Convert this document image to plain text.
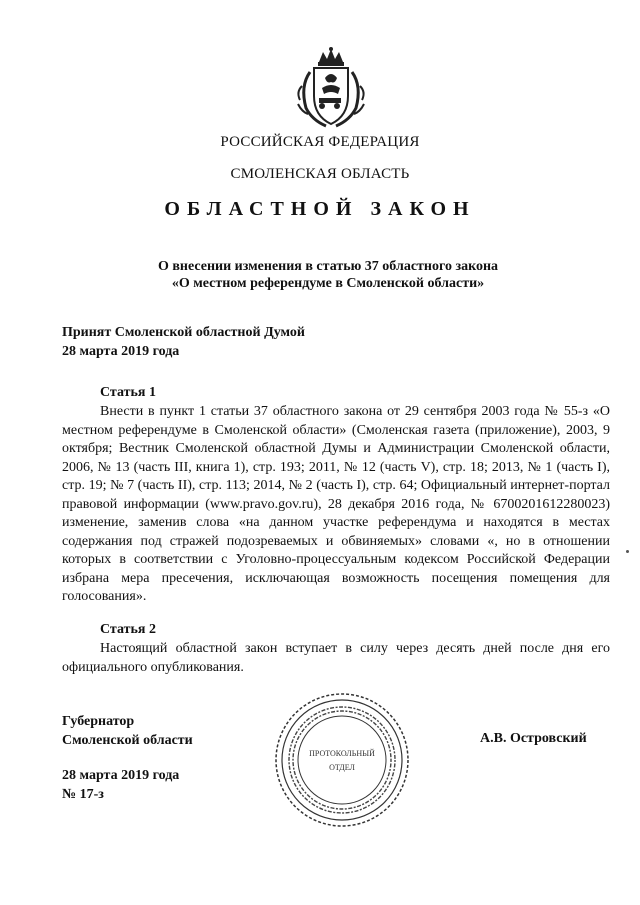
РОССИЙСКАЯ ФЕДЕРАЦИЯ
СМОЛЕНСКАЯ ОБЛАСТЬ
ОБЛАСТНОЙ ЗАКОН
О внесении изменения в статью 37 областного закона
«О местном референдуме в Смоленской области»
Принят Смоленской областной Думой
28 марта 2019 года
Статья 1

Внести в пункт 1 статьи 37 областного закона от 29 сентября 2003 года № 55-з «О местном референдуме в Смоленской области» (Смоленская газета (приложение), 2003, 9 октября; Вестник Смоленской областной Думы и Администрации Смоленской области, 2006, № 13 (часть III, книга 1), стр. 193; 2011, № 12 (часть V), стр. 18; 2013, № 1 (часть I), стр. 19; № 7 (часть II), стр. 113; 2014, № 2 (часть I), стр. 64; Официальный интернет-портал правовой информации (www.pravo.gov.ru), 28 декабря 2016 года, № 6700201612280023) изменение, заменив слова «на данном участке референдума и находятся в местах содержания под стражей подозреваемых и обвиняемых» словами «, но в отношении которых в соответствии с Уголовно-процессуальным кодексом Российской Федерации избрана мера пресечения, исключающая возможность посещения помещения для голосования».

Статья 2

Настоящий областной закон вступает в силу через десять дней после дня его официального опубликования.

Губернатор
Смоленской области
28 марта 2019 года
№ 17-з
А.В. Островский
ПРОТОКОЛЬНЫЙ
ОТДЕЛ
